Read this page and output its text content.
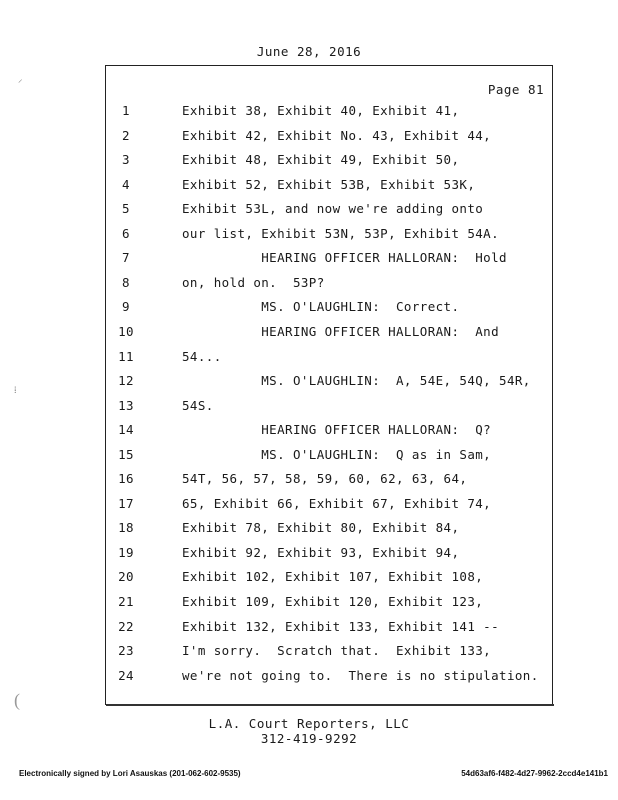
June 28, 2016
Page 81
1	Exhibit 38, Exhibit 40, Exhibit 41,
2	Exhibit 42, Exhibit No. 43, Exhibit 44,
3	Exhibit 48, Exhibit 49, Exhibit 50,
4	Exhibit 52, Exhibit 53B, Exhibit 53K,
5	Exhibit 53L, and now we're adding onto
6	our list, Exhibit 53N, 53P, Exhibit 54A.
7	HEARING OFFICER HALLORAN:  Hold
8	on, hold on.  53P?
9	MS. O'LAUGHLIN:  Correct.
10	HEARING OFFICER HALLORAN:  And
11	54...
12	MS. O'LAUGHLIN:  A, 54E, 54Q, 54R,
13	54S.
14	HEARING OFFICER HALLORAN:  Q?
15	MS. O'LAUGHLIN:  Q as in Sam,
16	54T, 56, 57, 58, 59, 60, 62, 63, 64,
17	65, Exhibit 66, Exhibit 67, Exhibit 74,
18	Exhibit 78, Exhibit 80, Exhibit 84,
19	Exhibit 92, Exhibit 93, Exhibit 94,
20	Exhibit 102, Exhibit 107, Exhibit 108,
21	Exhibit 109, Exhibit 120, Exhibit 123,
22	Exhibit 132, Exhibit 133, Exhibit 141 --
23	I'm sorry.  Scratch that.  Exhibit 133,
24	we're not going to.  There is no stipulation.
L.A. Court Reporters, LLC
312-419-9292
Electronically signed by Lori Asauskas (201-062-602-9535)	54d63af6-f482-4d27-9962-2ccd4e141b1
⸝
⁞
(
